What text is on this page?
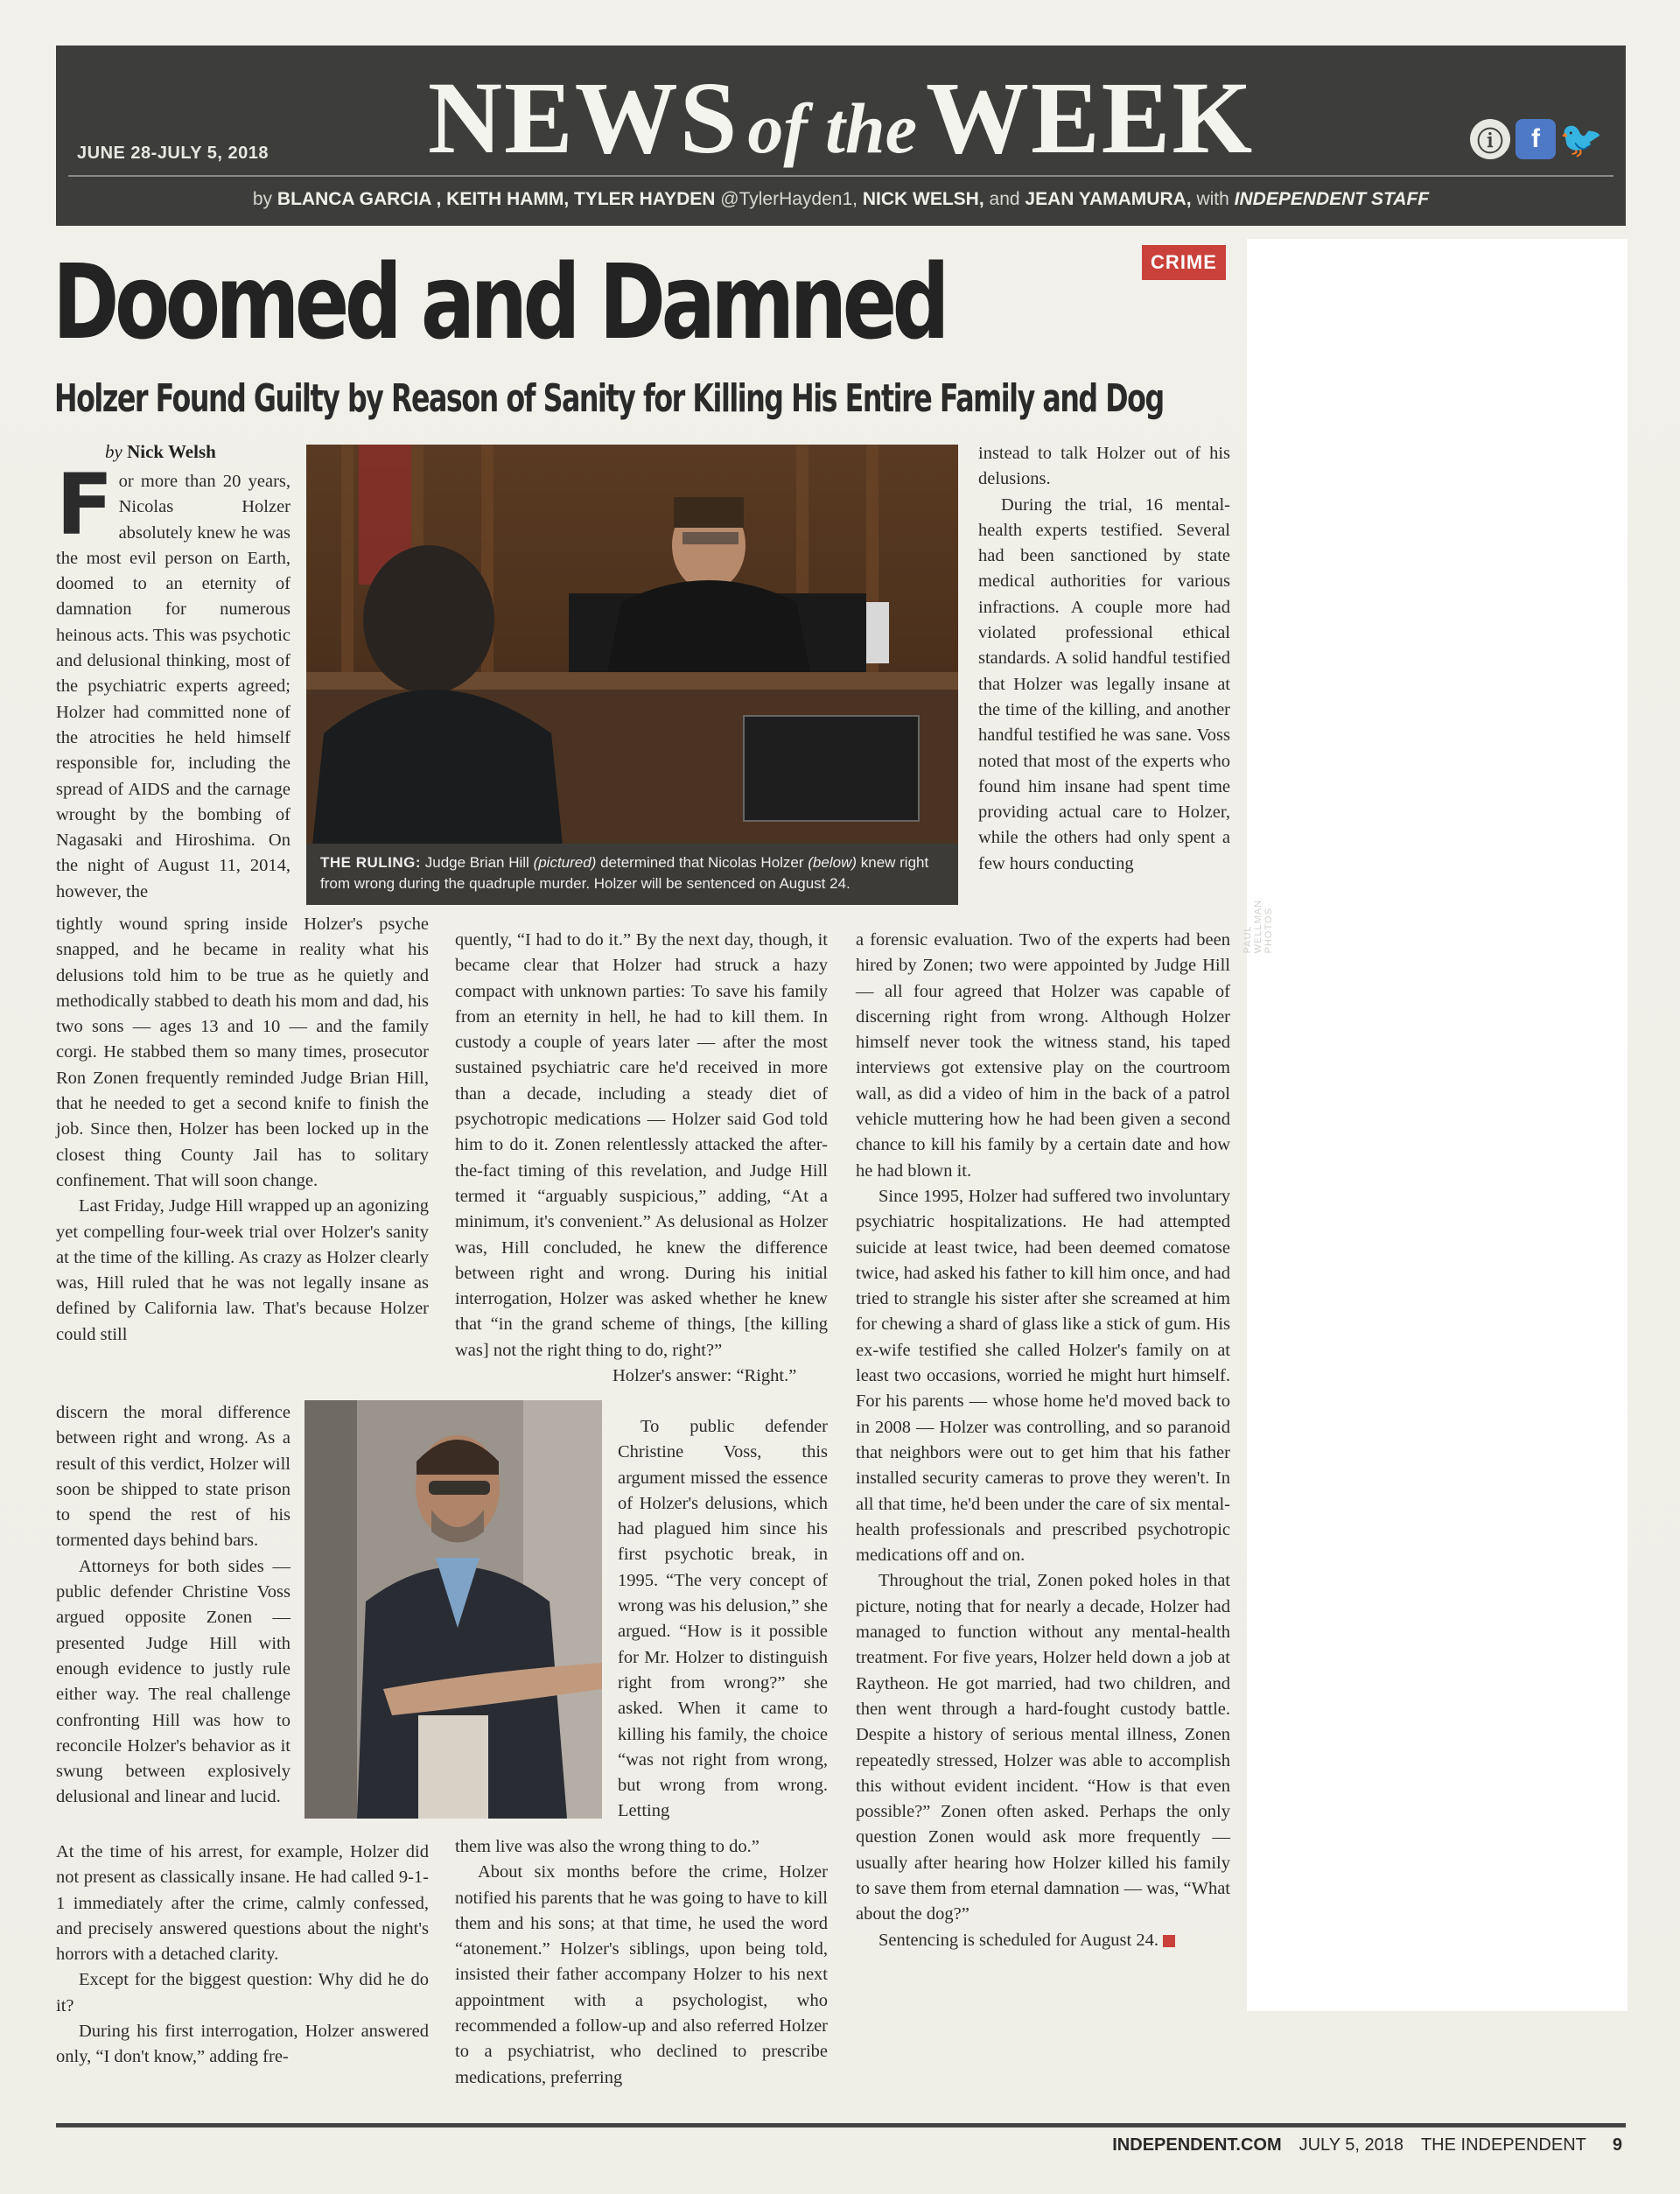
JUNE 28-JULY 5, 2018	NEWS of theWEEK	ⓘ	f 🐦
by BLANCA GARCIA , KEITH HAMM, TYLER HAYDEN @TylerHayden1, NICK WELSH, and JEAN YAMAMURA, with INDEPENDENT STAFF
CRIME
Doomed and Damned
Holzer Found Guilty by Reason of Sanity for Killing His Entire Family and Dog
by Nick Welsh
PAUL WELLMAN PHOTOS
THE RULING: Judge Brian Hill (pictured) determined that Nicolas Holzer (below) knew right from wrong during the quadruple murder. Holzer will be sentenced on August 24.

For more than 20 years, Nicolas Holzer absolutely knew he was the most evil person on Earth, doomed to an eternity of damnation for numerous heinous acts. This was psychotic and delusional thinking, most of the psychiatric experts agreed; Holzer had committed none of the atrocities he held himself responsible for, including the spread of AIDS and the carnage wrought by the bombing of Nagasaki and Hiroshima. On the night of August 11, 2014, however, the

tightly wound spring inside Holzer's psyche snapped, and he became in reality what his delusions told him to be true as he quietly and methodically stabbed to death his mom and dad, his two sons — ages 13 and 10 — and the family corgi. He stabbed them so many times, prosecutor Ron Zonen frequently reminded Judge Brian Hill, that he needed to get a second knife to finish the job. Since then, Holzer has been locked up in the closest thing County Jail has to solitary confinement. That will soon change.

Last Friday, Judge Hill wrapped up an agonizing yet compelling four-week trial over Holzer's sanity at the time of the killing. As crazy as Holzer clearly was, Hill ruled that he was not legally insane as defined by California law. That's because Holzer could still

discern the moral difference between right and wrong. As a result of this verdict, Holzer will soon be shipped to state prison to spend the rest of his tormented days behind bars.

Attorneys for both sides — public defender Christine Voss argued opposite Zonen — presented Judge Hill with enough evidence to justly rule either way. The real challenge confronting Hill was how to reconcile Holzer's behavior as it swung between explosively delusional and linear and lucid.

At the time of his arrest, for example, Holzer did not present as classically insane. He had called 9-1-1 immediately after the crime, calmly confessed, and precisely answered questions about the night's horrors with a detached clarity.

Except for the biggest question: Why did he do it?

During his first interrogation, Holzer answered only, “I don't know,” adding fre-

quently, “I had to do it.” By the next day, though, it became clear that Holzer had struck a hazy compact with unknown parties: To save his family from an eternity in hell, he had to kill them. In custody a couple of years later — after the most sustained psychiatric care he'd received in more than a decade, including a steady diet of psychotropic medications — Holzer said God told him to do it. Zonen relentlessly attacked the after-the-fact timing of this revelation, and Judge Hill termed it “arguably suspicious,” adding, “At a minimum, it's convenient.” As delusional as Holzer was, Hill concluded, he knew the difference between right and wrong. During his initial interrogation, Holzer was asked whether he knew that “in the grand scheme of things, [the killing was] not the right thing to do, right?”

Holzer's answer: “Right.”

To public defender Christine Voss, this argument missed the essence of Holzer's delusions, which had plagued him since his first psychotic break, in 1995. “The very concept of wrong was his delusion,” she argued. “How is it possible for Mr. Holzer to distinguish right from wrong?” she asked. When it came to killing his family, the choice “was not right from wrong, but wrong from wrong. Letting

them live was also the wrong thing to do.”

About six months before the crime, Holzer notified his parents that he was going to have to kill them and his sons; at that time, he used the word “atonement.” Holzer's siblings, upon being told, insisted their father accompany Holzer to his next appointment with a psychologist, who recommended a follow-up and also referred Holzer to a psychiatrist, who declined to prescribe medications, preferring

instead to talk Holzer out of his delusions.

During the trial, 16 mental-health experts testified. Several had been sanctioned by state medical authorities for various infractions. A couple more had violated professional ethical standards. A solid handful testified that Holzer was legally insane at the time of the killing, and another handful testified he was sane. Voss noted that most of the experts who found him insane had spent time providing actual care to Holzer, while the others had only spent a few hours conducting

a forensic evaluation. Two of the experts had been hired by Zonen; two were appointed by Judge Hill — all four agreed that Holzer was capable of discerning right from wrong. Although Holzer himself never took the witness stand, his taped interviews got extensive play on the courtroom wall, as did a video of him in the back of a patrol vehicle muttering how he had been given a second chance to kill his family by a certain date and how he had blown it.

Since 1995, Holzer had suffered two involuntary psychiatric hospitalizations. He had attempted suicide at least twice, had been deemed comatose twice, had asked his father to kill him once, and had tried to strangle his sister after she screamed at him for chewing a shard of glass like a stick of gum. His ex-wife testified she called Holzer's family on at least two occasions, worried he might hurt himself. For his parents — whose home he'd moved back to in 2008 — Holzer was controlling, and so paranoid that neighbors were out to get him that his father installed security cameras to prove they weren't. In all that time, he'd been under the care of six mental-health professionals and prescribed psychotropic medications off and on.

Throughout the trial, Zonen poked holes in that picture, noting that for nearly a decade, Holzer had managed to function without any mental-health treatment. For five years, Holzer held down a job at Raytheon. He got married, had two children, and then went through a hard-fought custody battle. Despite a history of serious mental illness, Zonen repeatedly stressed, Holzer was able to accomplish this without evident incident. “How is that even possible?” Zonen often asked. Perhaps the only question Zonen would ask more frequently — usually after hearing how Holzer killed his family to save them from eternal damnation — was, “What about the dog?”

Sentencing is scheduled for August 24.

INDEPENDENT.COM JULY 5, 2018 THE INDEPENDENT 9
